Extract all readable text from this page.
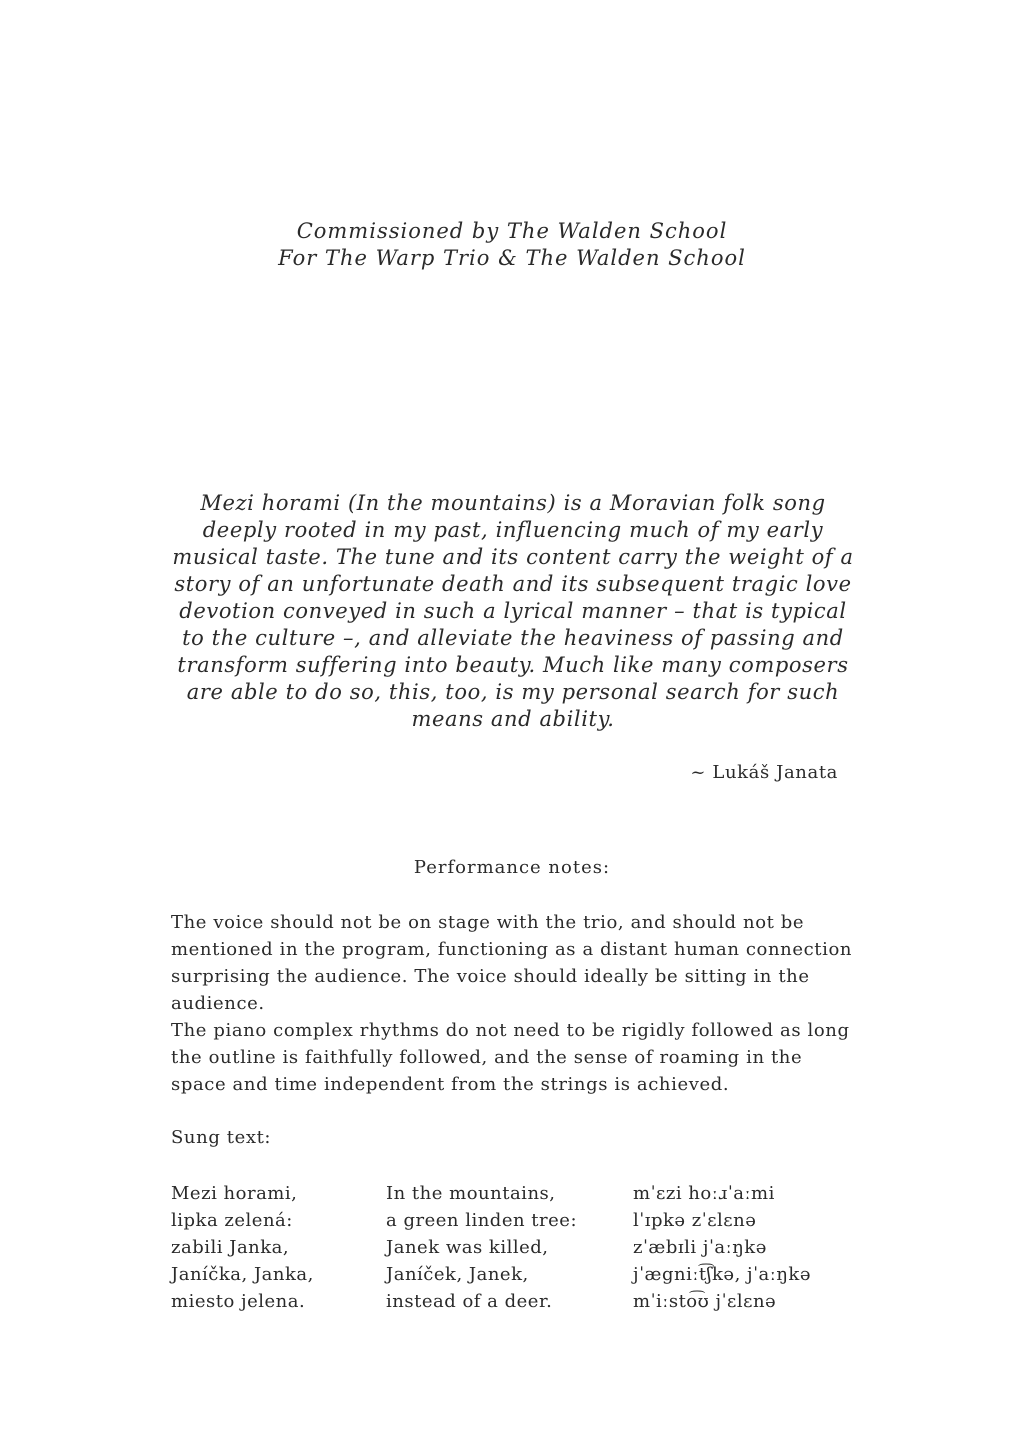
Commissioned by The Walden School
For The Warp Trio & The Walden School

Mezi horami (In the mountains) is a Moravian folk song deeply rooted in my past, influencing much of my early musical taste. The tune and its content carry the weight of a story of an unfortunate death and its subsequent tragic love devotion conveyed in such a lyrical manner – that is typical to the culture –, and alleviate the heaviness of passing and transform suffering into beauty. Much like many composers are able to do so, this, too, is my personal search for such means and ability.

~ Lukáš Janata
Performance notes:

The voice should not be on stage with the trio, and should not be mentioned in the program, functioning as a distant human connection surprising the audience. The voice should ideally be sitting in the audience.

The piano complex rhythms do not need to be rigidly followed as long the outline is faithfully followed, and the sense of roaming in the space and time independent from the strings is achieved.

Sung text:
Mezi horami,	In the mountains,	mˈɛzi hoːɹˈaːmi
lipka zelená:	a green linden tree:	lˈɪpkə zˈɛlɛnə
zabili Janka,	Janek was killed,	zˈæbɪli jˈaːŋkə
Janíčka, Janka,	Janíček, Janek,	jˈægniːt͡ʃkə, jˈaːŋkə
miesto jelena.	instead of a deer.	mˈiːsto͡ʊ jˈɛlɛnə
